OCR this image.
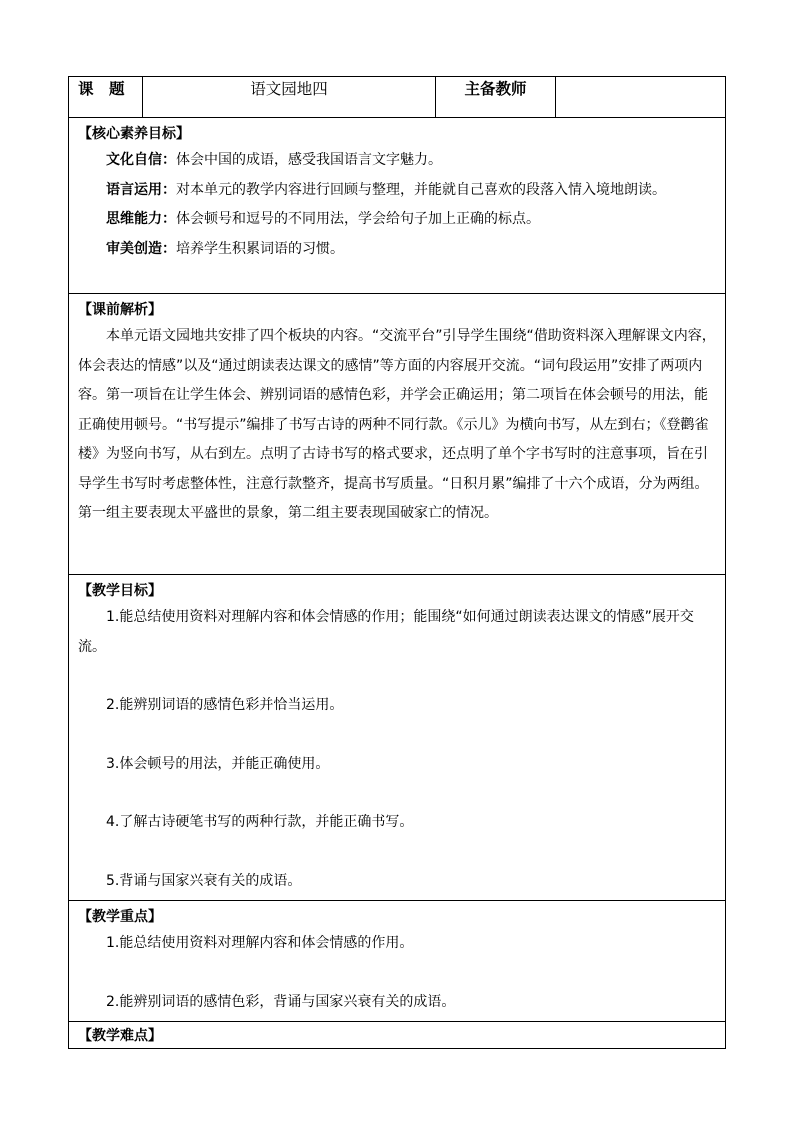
课　题	语文园地四	主备教师	

【核心素养目标】

文化自信：体会中国的成语，感受我国语言文字魅力。

语言运用：对本单元的教学内容进行回顾与整理，并能就自己喜欢的段落入情入境地朗读。

思维能力：体会顿号和逗号的不同用法，学会给句子加上正确的标点。

审美创造：培养学生积累词语的习惯。

【课前解析】

本单元语文园地共安排了四个板块的内容。“交流平台”引导学生围绕“借助资料深入理解课文内容，体会表达的情感”以及“通过朗读表达课文的感情”等方面的内容展开交流。“词句段运用”安排了两项内容。第一项旨在让学生体会、辨别词语的感情色彩，并学会正确运用；第二项旨在体会顿号的用法，能正确使用顿号。“书写提示”编排了书写古诗的两种不同行款。《示儿》为横向书写，从左到右；《登鹳雀楼》为竖向书写，从右到左。点明了古诗书写的格式要求，还点明了单个字书写时的注意事项，旨在引导学生书写时考虑整体性，注意行款整齐，提高书写质量。“日积月累”编排了十六个成语，分为两组。第一组主要表现太平盛世的景象，第二组主要表现国破家亡的情况。

【教学目标】

1.能总结使用资料对理解内容和体会情感的作用；能围绕“如何通过朗读表达课文的情感”展开交流。

2.能辨别词语的感情色彩并恰当运用。

3.体会顿号的用法，并能正确使用。

4.了解古诗硬笔书写的两种行款，并能正确书写。

5.背诵与国家兴衰有关的成语。

【教学重点】

1.能总结使用资料对理解内容和体会情感的作用。

2.能辨别词语的感情色彩，背诵与国家兴衰有关的成语。

【教学难点】
